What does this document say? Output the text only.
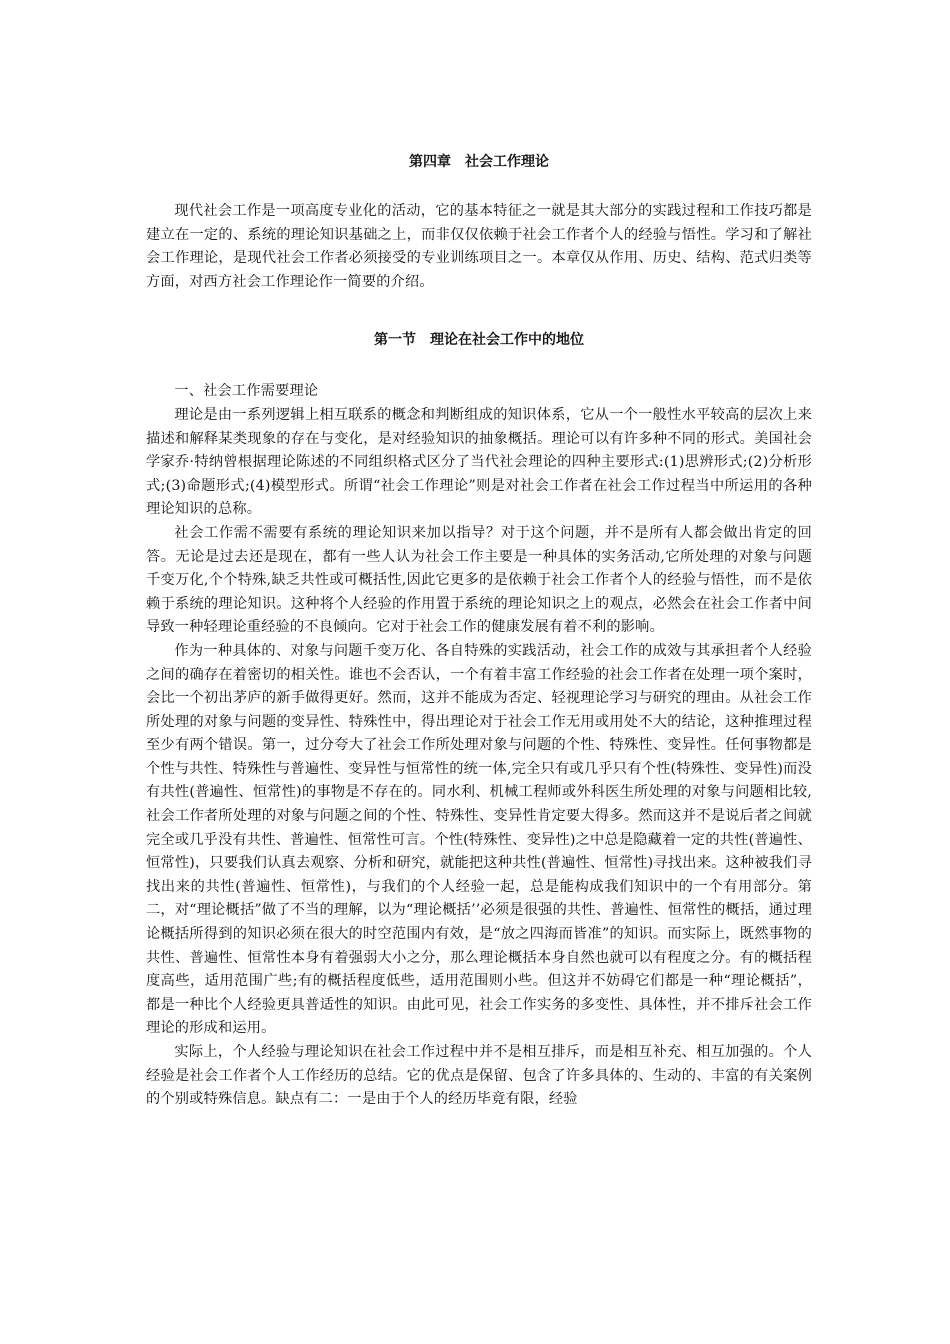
第四章　社会工作理论

现代社会工作是一项高度专业化的活动，它的基本特征之一就是其大部分的实践过程和工作技巧都是建立在一定的、系统的理论知识基础之上，而非仅仅依赖于社会工作者个人的经验与悟性。学习和了解社会工作理论，是现代社会工作者必须接受的专业训练项目之一。本章仅从作用、历史、结构、范式归类等方面，对西方社会工作理论作一简要的介绍。

第一节　理论在社会工作中的地位

一、社会工作需要理论

理论是由一系列逻辑上相互联系的概念和判断组成的知识体系，它从一个一般性水平较高的层次上来描述和解释某类现象的存在与变化，是对经验知识的抽象概括。理论可以有许多种不同的形式。美国社会学家乔·特纳曾根据理论陈述的不同组织格式区分了当代社会理论的四种主要形式:(1)思辨形式;(2)分析形式;(3)命题形式;(4)模型形式。所谓“社会工作理论”则是对社会工作者在社会工作过程当中所运用的各种理论知识的总称。

社会工作需不需要有系统的理论知识来加以指导？对于这个问题，并不是所有人都会做出肯定的回答。无论是过去还是现在，都有一些人认为社会工作主要是一种具体的实务活动,它所处理的对象与问题千变万化,个个特殊,缺乏共性或可概括性,因此它更多的是依赖于社会工作者个人的经验与悟性，而不是依赖于系统的理论知识。这种将个人经验的作用置于系统的理论知识之上的观点，必然会在社会工作者中间导致一种轻理论重经验的不良倾向。它对于社会工作的健康发展有着不利的影响。

作为一种具体的、对象与问题千变万化、各自特殊的实践活动，社会工作的成效与其承担者个人经验之间的确存在着密切的相关性。谁也不会否认，一个有着丰富工作经验的社会工作者在处理一项个案时，会比一个初出茅庐的新手做得更好。然而，这并不能成为否定、轻视理论学习与研究的理由。从社会工作所处理的对象与问题的变异性、特殊性中，得出理论对于社会工作无用或用处不大的结论，这种推理过程至少有两个错误。第一，过分夸大了社会工作所处理对象与问题的个性、特殊性、变异性。任何事物都是个性与共性、特殊性与普遍性、变异性与恒常性的统一体,完全只有或几乎只有个性(特殊性、变异性)而没有共性(普遍性、恒常性)的事物是不存在的。同水利、机械工程师或外科医生所处理的对象与问题相比较,社会工作者所处理的对象与问题之间的个性、特殊性、变异性肯定要大得多。然而这并不是说后者之间就完全或几乎没有共性、普遍性、恒常性可言。个性(特殊性、变异性)之中总是隐藏着一定的共性(普遍性、恒常性)，只要我们认真去观察、分析和研究，就能把这种共性(普遍性、恒常性)寻找出来。这种被我们寻找出来的共性(普遍性、恒常性)，与我们的个人经验一起，总是能构成我们知识中的一个有用部分。第二，对“理论概括”做了不当的理解，以为“理论概括’’必须是很强的共性、普遍性、恒常性的概括，通过理论概括所得到的知识必须在很大的时空范围内有效，是“放之四海而皆准”的知识。而实际上，既然事物的共性、普遍性、恒常性本身有着强弱大小之分，那么理论概括本身自然也就可以有程度之分。有的概括程度高些，适用范围广些;有的概括程度低些，适用范围则小些。但这并不妨碍它们都是一种“理论概括”，都是一种比个人经验更具普适性的知识。由此可见，社会工作实务的多变性、具体性，并不排斥社会工作理论的形成和运用。

实际上，个人经验与理论知识在社会工作过程中并不是相互排斥，而是相互补充、相互加强的。个人经验是社会工作者个人工作经历的总结。它的优点是保留、包含了许多具体的、生动的、丰富的有关案例的个别或特殊信息。缺点有二：一是由于个人的经历毕竟有限，经验
